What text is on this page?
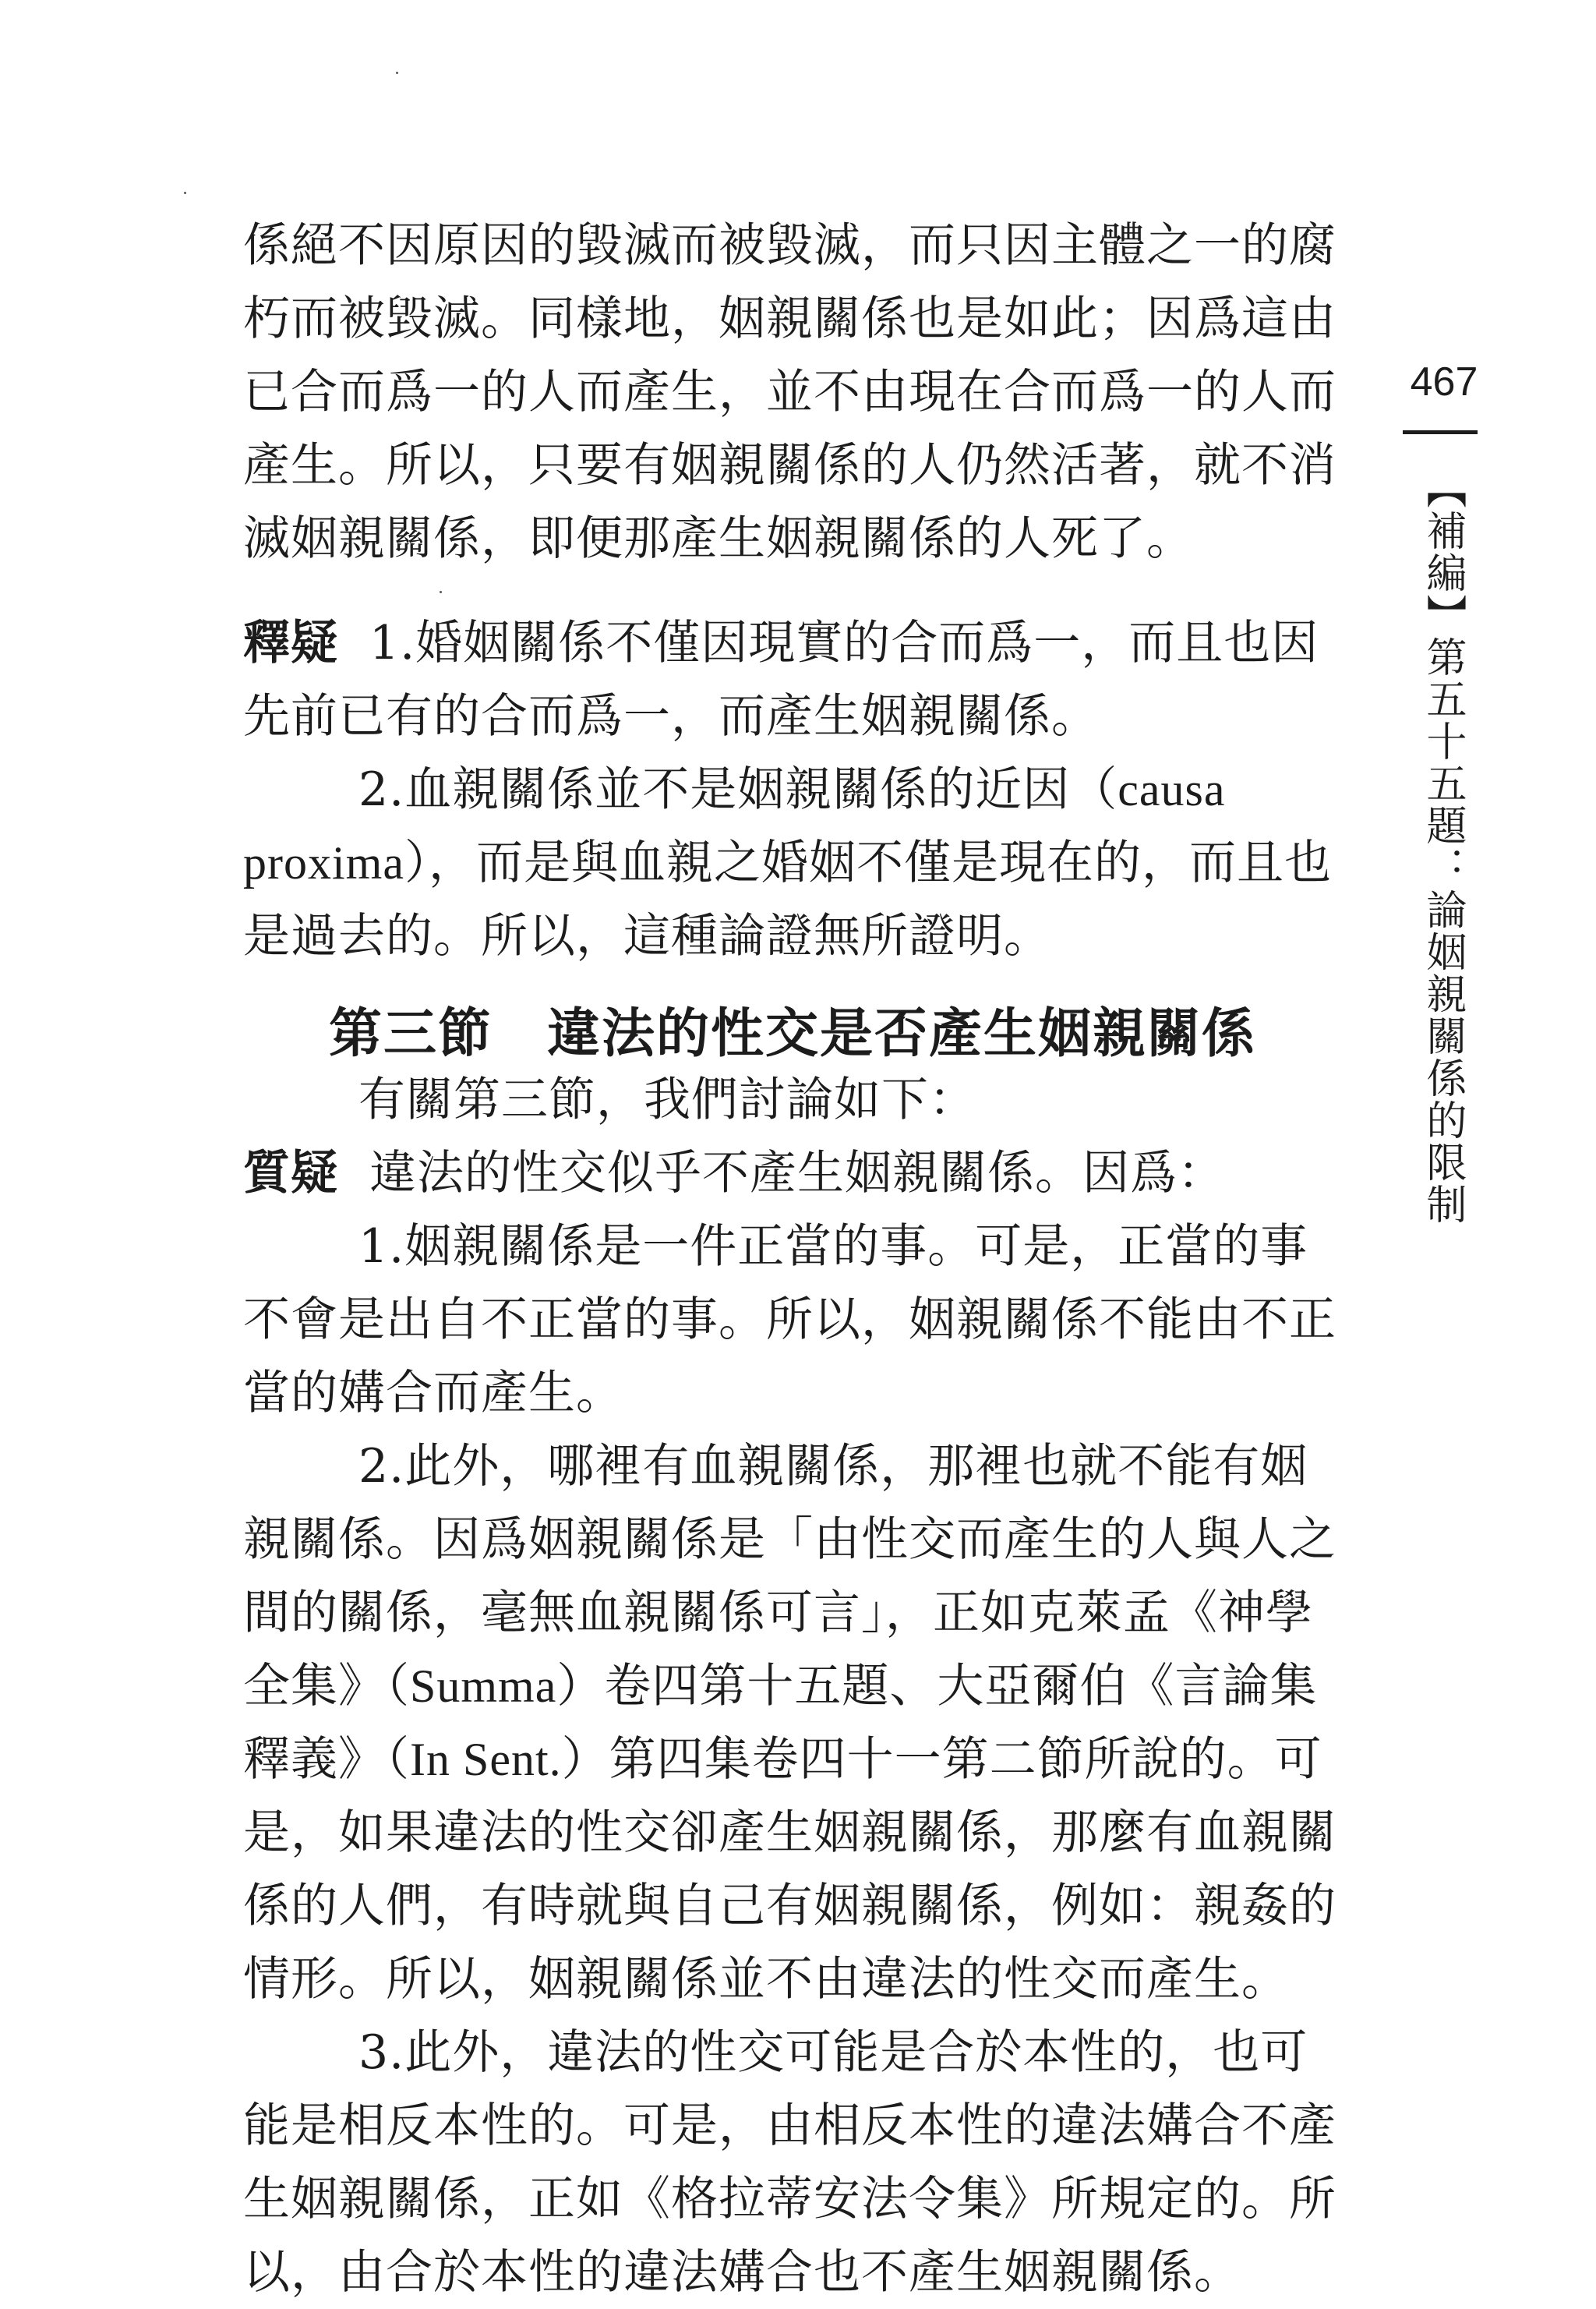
係絕不因原因的毀滅而被毀滅，而只因主體之一的腐朽而被毀滅。同樣地，姻親關係也是如此；因爲這由已合而爲一的人而產生，並不由現在合而爲一的人而產生。所以，只要有姻親關係的人仍然活著，就不消滅姻親關係，即便那產生姻親關係的人死了。

釋疑 1.婚姻關係不僅因現實的合而爲一，而且也因先前已有的合而爲一，而產生姻親關係。

2.血親關係並不是姻親關係的近因（causa proxima），而是與血親之婚姻不僅是現在的，而且也是過去的。所以，這種論證無所證明。

第三節 違法的性交是否產生姻親關係

有關第三節，我們討論如下：

質疑 違法的性交似乎不產生姻親關係。因爲：

1.姻親關係是一件正當的事。可是，正當的事不會是出自不正當的事。所以，姻親關係不能由不正當的媾合而產生。

2.此外，哪裡有血親關係，那裡也就不能有姻親關係。因爲姻親關係是「由性交而產生的人與人之間的關係，毫無血親關係可言」，正如克萊孟《神學全集》（Summa）卷四第十五題、大亞爾伯《言論集釋義》（In Sent.）第四集卷四十一第二節所說的。可是，如果違法的性交卻產生姻親關係，那麼有血親關係的人們，有時就與自己有姻親關係，例如：親姦的情形。所以，姻親關係並不由違法的性交而產生。

3.此外，違法的性交可能是合於本性的，也可能是相反本性的。可是，由相反本性的違法媾合不產生姻親關係，正如《格拉蒂安法令集》所規定的。所以，由合於本性的違法媾合也不產生姻親關係。

467
【補編】第五十五題：論姻親關係的限制
